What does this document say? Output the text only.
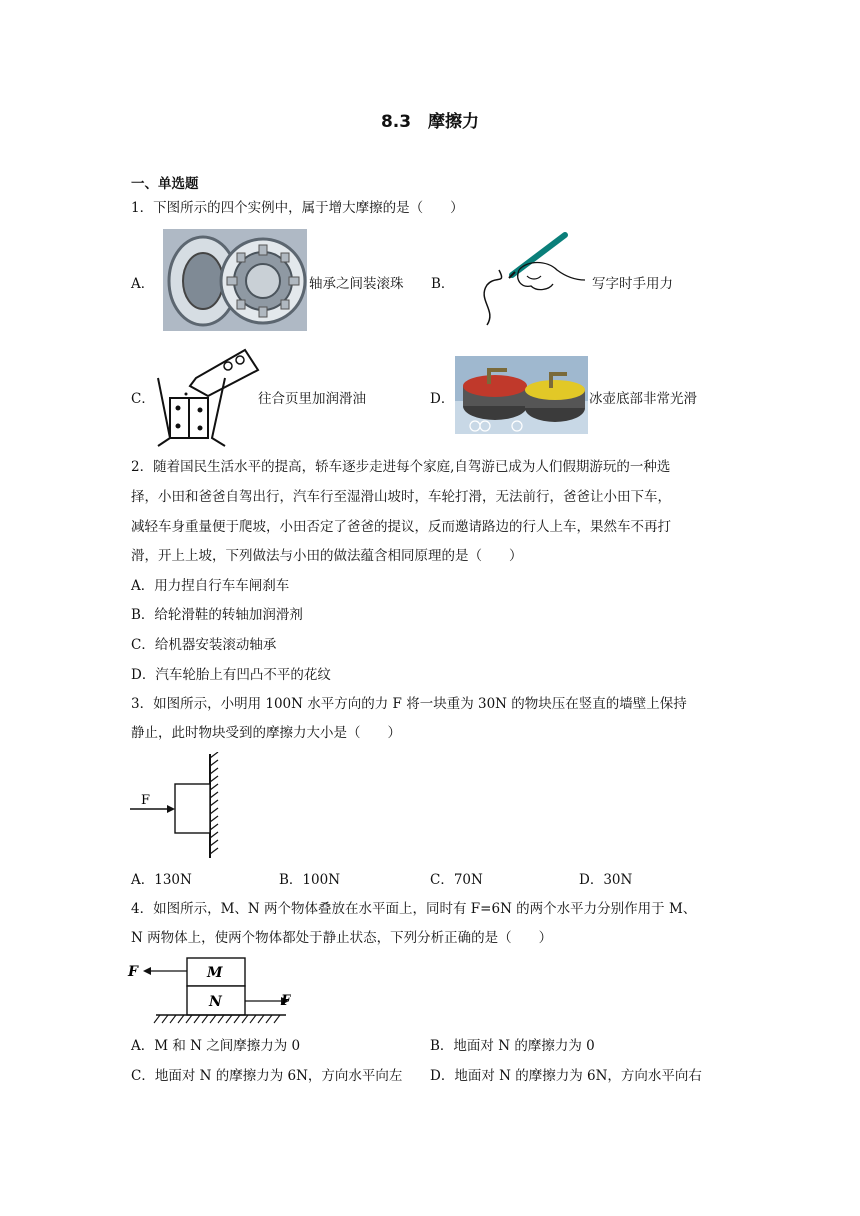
8.3　摩擦力
一、单选题
1．下图所示的四个实例中，属于增大摩擦的是（　　）
A．	轴承之间装滚珠 B．	写字时手用力
C．	往合页里加润滑油	D．	冰壶底部非常光滑
2．随着国民生活水平的提高，轿车逐步走进每个家庭,自驾游已成为人们假期游玩的一种选
择，小田和爸爸自驾出行，汽车行至湿滑山坡时，车轮打滑，无法前行，爸爸让小田下车，
减轻车身重量便于爬坡，小田否定了爸爸的提议，反而邀请路边的行人上车，果然车不再打
滑，开上上坡，下列做法与小田的做法蕴含相同原理的是（　　）
A．用力捏自行车车闸刹车
B．给轮滑鞋的转轴加润滑剂
C．给机器安装滚动轴承
D．汽车轮胎上有凹凸不平的花纹
3．如图所示，小明用 100N 水平方向的力 F 将一块重为 30N 的物块压在竖直的墙壁上保持
静止，此时物块受到的摩擦力大小是（　　）
F
A．130N	B．100N	C．70N	D．30N
4．如图所示，M、N 两个物体叠放在水平面上，同时有 F=6N 的两个水平力分别作用于 M、
N 两物体上，使两个物体都处于静止状态，下列分析正确的是（　　）
M
N
F
F
A．M 和 N 之间摩擦力为 0	B．地面对 N 的摩擦力为 0
C．地面对 N 的摩擦力为 6N，方向水平向左 D．地面对 N 的摩擦力为 6N，方向水平向右
